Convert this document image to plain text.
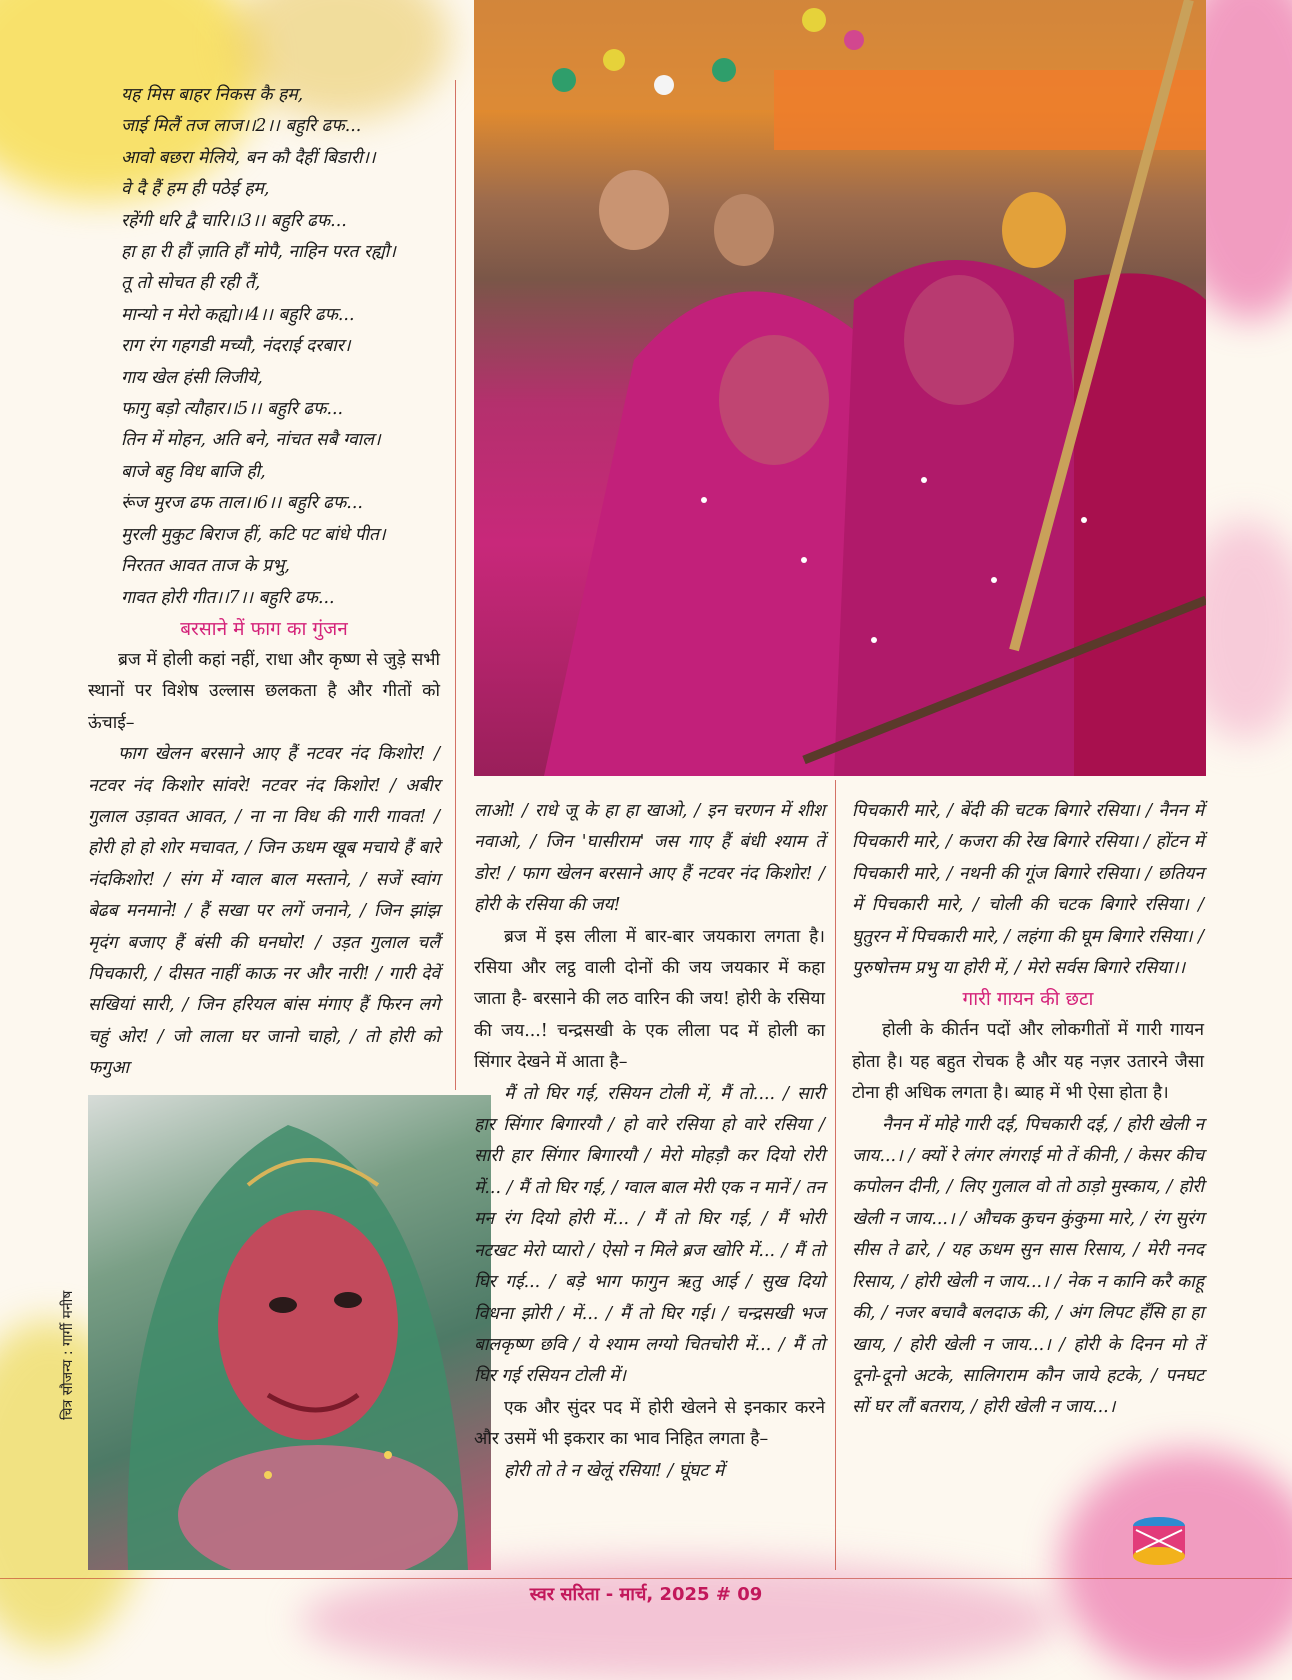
यह मिस बाहर निकस कै हम,

जाई मिलैं तज लाज।।2।। बहुरि ढफ...

आवो बछरा मेलिये, बन कौ दैहीं बिडारी।।

वे दै हैं हम ही पठेई हम,

रहेंगी धरि द्वै चारि।।3।। बहुरि ढफ...

हा हा री हौं ज़ाति हौं मोपै, नाहिन परत रह्यौ।

तू तो सोचत ही रही तैं,

मान्यो न मेरो कह्यो।।4।। बहुरि ढफ...

राग रंग गहगडी मच्यौ, नंदराई दरबार।

गाय खेल हंसी लिजीये,

फागु बड़ो त्यौहार।।5।। बहुरि ढफ...

तिन में मोहन, अति बने, नांचत सबै ग्वाल।

बाजे बहु विध बाजि ही,

रूंज मुरज ढफ ताल।।6।। बहुरि ढफ...

मुरली मुकुट बिराज हीं, कटि पट बांधे पीत।

निरतत आवत ताज के प्रभु,

गावत होरी गीत।।7।। बहुरि ढफ...

बरसाने में फाग का गुंजन

ब्रज में होली कहां नहीं, राधा और कृष्ण से जुड़े सभी स्थानों पर विशेष उल्लास छलकता है और गीतों को ऊंचाई–

फाग खेलन बरसाने आए हैं नटवर नंद किशोर! / नटवर नंद किशोर सांवरे! नटवर नंद किशोर! / अबीर गुलाल उड़ावत आवत, / ना ना विध की गारी गावत! / होरी हो हो शोर मचावत, / जिन ऊधम खूब मचाये हैं बारे नंदकिशोर! / संग में ग्वाल बाल मस्ताने, / सजें स्वांग बेढब मनमाने! / हैं सखा पर लगें जनाने, / जिन झांझ मृदंग बजाए हैं बंसी की घनघोर! / उड़त गुलाल चलैं पिचकारी, / दीसत नाहीं काऊ नर और नारी! / गारी देवें सखियां सारी, / जिन हरियल बांस मंगाए हैं फिरन लगे चहुं ओर! / जो लाला घर जानो चाहो, / तो होरी को फगुआ

लाओ! / राधे जू के हा हा खाओ, / इन चरणन में शीश नवाओ, / जिन 'घासीराम' जस गाए हैं बंधी श्याम तें डोर! / फाग खेलन बरसाने आए हैं नटवर नंद किशोर! / होरी के रसिया की जय!

ब्रज में इस लीला में बार-बार जयकारा लगता है। रसिया और लट्ठ वाली दोनों की जय जयकार में कहा जाता है- बरसाने की लठ वारिन की जय! होरी के रसिया की जय...! चन्द्रसखी के एक लीला पद में होली का सिंगार देखने में आता है–

मैं तो घिर गई, रसियन टोली में, मैं तो.... / सारी हार सिंगार बिगारयौ / हो वारे रसिया हो वारे रसिया / सारी हार सिंगार बिगारयौ / मेरो मोहड़ौ कर दियो रोरी में... / मैं तो घिर गई, / ग्वाल बाल मेरी एक न मानें / तन मन रंग दियो होरी में... / मैं तो घिर गई, / मैं भोरी नटखट मेरो प्यारो / ऐसो न मिले ब्रज खोरि में... / मैं तो घिर गई... / बड़े भाग फागुन ऋतु आई / सुख दियो विधना झोरी / में... / मैं तो घिर गई। / चन्द्रसखी भज बालकृष्ण छवि / ये श्याम लग्यो चितचोरी में... / मैं तो घिर गई रसियन टोली में।

एक और सुंदर पद में होरी खेलने से इनकार करने और उसमें भी इकरार का भाव निहित लगता है–

होरी तो ते न खेलूं रसिया! / घूंघट में

पिचकारी मारे, / बेंदी की चटक बिगारे रसिया। / नैनन में पिचकारी मारे, / कजरा की रेख बिगारे रसिया। / होंटन में पिचकारी मारे, / नथनी की गूंज बिगारे रसिया। / छतियन में पिचकारी मारे, / चोली की चटक बिगारे रसिया। / घुतुरन में पिचकारी मारे, / लहंगा की घूम बिगारे रसिया। / पुरुषोत्तम प्रभु या होरी में, / मेरो सर्वस बिगारे रसिया।।

गारी गायन की छटा

होली के कीर्तन पदों और लोकगीतों में गारी गायन होता है। यह बहुत रोचक है और यह नज़र उतारने जैसा टोना ही अधिक लगता है। ब्याह में भी ऐसा होता है।

नैनन में मोहे गारी दई, पिचकारी दई, / होरी खेली न जाय...। / क्यों रे लंगर लंगराई मो तें कीनी, / केसर कीच कपोलन दीनी, / लिए गुलाल वो तो ठाड़ो मुस्काय, / होरी खेली न जाय...। / औचक कुचन कुंकुमा मारे, / रंग सुरंग सीस ते ढारे, / यह ऊधम सुन सास रिसाय, / मेरी ननद रिसाय, / होरी खेली न जाय...। / नेक न कानि करै काहू की, / नजर बचावै बलदाऊ की, / अंग लिपट हँसि हा हा खाय, / होरी खेली न जाय...। / होरी के दिनन मो तें दूनो-दूनो अटके, सालिगराम कौन जाये हटके, / पनघट सों घर लौं बतराय, / होरी खेली न जाय...।

चित्र सौजन्य : गार्गी मनीष
स्वर सरिता - मार्च, 2025 # 09
